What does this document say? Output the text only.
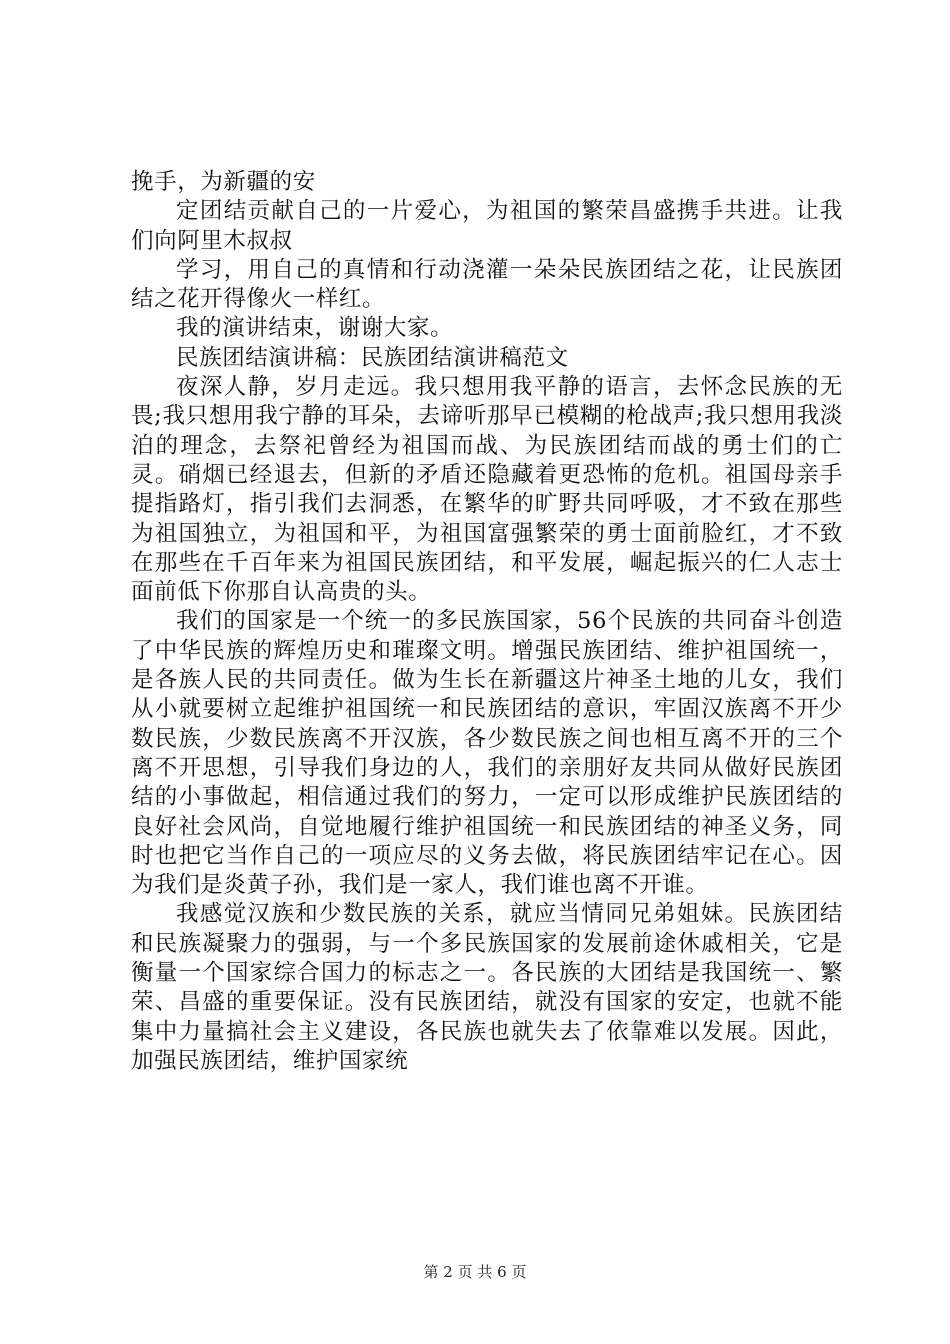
挽手，为新疆的安

定团结贡献自己的一片爱心，为祖国的繁荣昌盛携手共进。让我们向阿里木叔叔

学习，用自己的真情和行动浇灌一朵朵民族团结之花，让民族团结之花开得像火一样红。

我的演讲结束，谢谢大家。

民族团结演讲稿：民族团结演讲稿范文

夜深人静，岁月走远。我只想用我平静的语言，去怀念民族的无畏;我只想用我宁静的耳朵，去谛听那早已模糊的枪战声;我只想用我淡泊的理念，去祭祀曾经为祖国而战、为民族团结而战的勇士们的亡灵。硝烟已经退去，但新的矛盾还隐藏着更恐怖的危机。祖国母亲手提指路灯，指引我们去洞悉，在繁华的旷野共同呼吸，才不致在那些为祖国独立，为祖国和平，为祖国富强繁荣的勇士面前脸红，才不致在那些在千百年来为祖国民族团结，和平发展，崛起振兴的仁人志士面前低下你那自认高贵的头。

我们的国家是一个统一的多民族国家，56个民族的共同奋斗创造了中华民族的辉煌历史和璀璨文明。增强民族团结、维护祖国统一，是各族人民的共同责任。做为生长在新疆这片神圣土地的儿女，我们从小就要树立起维护祖国统一和民族团结的意识，牢固汉族离不开少数民族，少数民族离不开汉族，各少数民族之间也相互离不开的三个离不开思想，引导我们身边的人，我们的亲朋好友共同从做好民族团结的小事做起，相信通过我们的努力，一定可以形成维护民族团结的良好社会风尚，自觉地履行维护祖国统一和民族团结的神圣义务，同时也把它当作自己的一项应尽的义务去做，将民族团结牢记在心。因为我们是炎黄子孙，我们是一家人，我们谁也离不开谁。

我感觉汉族和少数民族的关系，就应当情同兄弟姐妹。民族团结和民族凝聚力的强弱，与一个多民族国家的发展前途休戚相关，它是衡量一个国家综合国力的标志之一。各民族的大团结是我国统一、繁荣、昌盛的重要保证。没有民族团结，就没有国家的安定，也就不能集中力量搞社会主义建设，各民族也就失去了依靠难以发展。因此，加强民族团结，维护国家统

第 2 页 共 6 页
